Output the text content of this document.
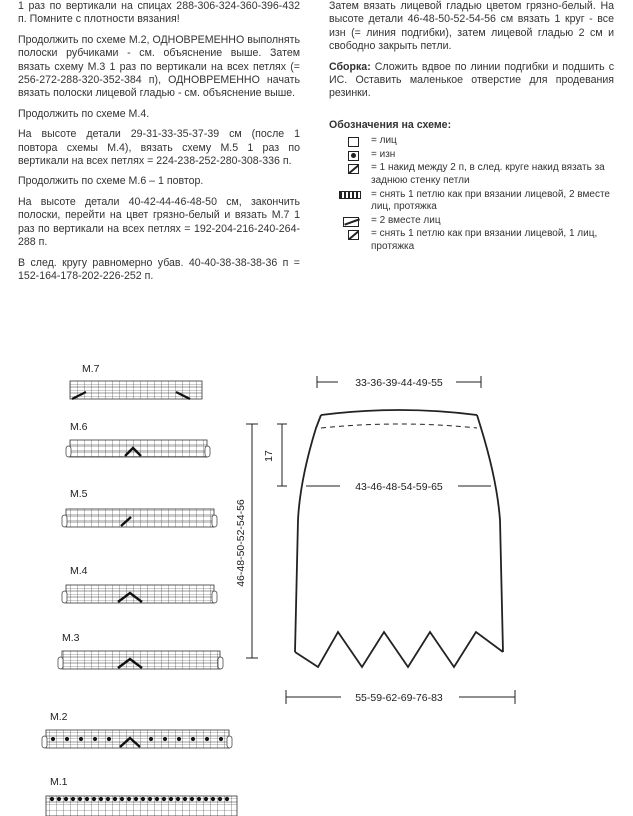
1 раз по вертикали на спицах 288-306-324-360-396-432 п. Помните с плотности вязания!

Продолжить по схеме М.2, ОДНОВРЕМЕННО выполнять полоски рубчиками - см. объяснение выше. Затем вязать схему М.3 1 раз по вертикали на всех петлях (= 256-272-288-320-352-384 п), ОДНОВРЕМЕННО начать вязать полоски лицевой гладью - см. объяснение выше.

Продолжить по схеме М.4.

На высоте детали 29-31-33-35-37-39 см (после 1 повтора схемы М.4), вязать схему М.5 1 раз по вертикали на всех петлях = 224-238-252-280-308-336 п.

Продолжить по схеме М.6 – 1 повтор.

На высоте детали 40-42-44-46-48-50 см, закончить полоски, перейти на цвет грязно-белый и вязать М.7 1 раз по вертикали на всех петлях = 192-204-216-240-264-288 п.

В след. кругу равномерно убав. 40-40-38-38-38-36 п = 152-164-178-202-226-252 п.

Затем вязать лицевой гладью цветом грязно-белый. На высоте детали 46-48-50-52-54-56 см вязать 1 круг - все изн (= линия подгибки), затем лицевой гладью 2 см и свободно закрыть петли.

Сборка: Сложить вдвое по линии подгибки и подшить с ИС. Оставить маленькое отверстие для продевания резинки.

Обозначения на схеме:
= лиц
= изн
= 1 накид между 2 п, в след. круге накид вязать за заднюю стенку петли
= снять 1 петлю как при вязании лицевой, 2 вместе лиц, протяжка
= 2 вместе лиц
= снять 1 петлю как при вязании лицевой, 1 лиц, протяжка
M.7
M.6
M.5
M.4
M.3
M.2
M.1
33-36-39-44-49-55
43-46-48-54-59-65
55-59-62-69-76-83
46-48-50-52-54-56
17
